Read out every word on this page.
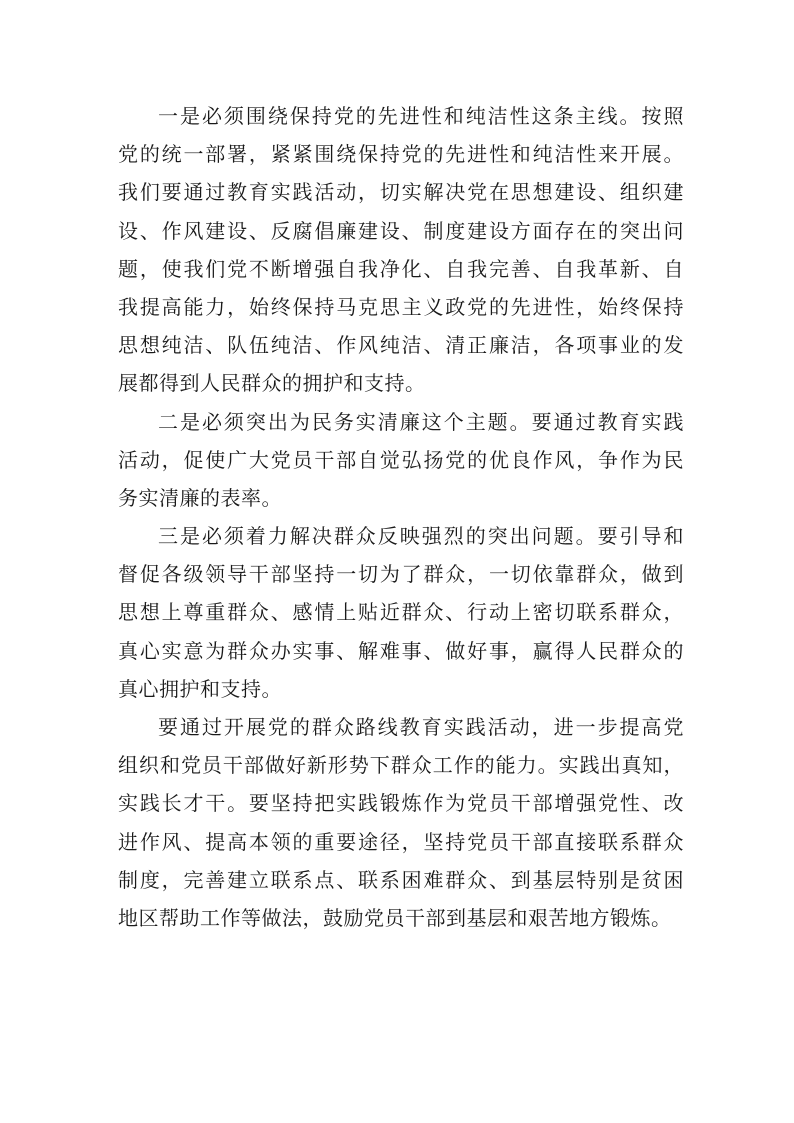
一是必须围绕保持党的先进性和纯洁性这条主线。按照
党的统一部署，紧紧围绕保持党的先进性和纯洁性来开展。
我们要通过教育实践活动，切实解决党在思想建设、组织建
设、作风建设、反腐倡廉建设、制度建设方面存在的突出问
题，使我们党不断增强自我净化、自我完善、自我革新、自
我提高能力，始终保持马克思主义政党的先进性，始终保持
思想纯洁、队伍纯洁、作风纯洁、清正廉洁，各项事业的发
展都得到人民群众的拥护和支持。
二是必须突出为民务实清廉这个主题。要通过教育实践
活动，促使广大党员干部自觉弘扬党的优良作风，争作为民
务实清廉的表率。
三是必须着力解决群众反映强烈的突出问题。要引导和
督促各级领导干部坚持一切为了群众，一切依靠群众，做到
思想上尊重群众、感情上贴近群众、行动上密切联系群众，
真心实意为群众办实事、解难事、做好事，赢得人民群众的
真心拥护和支持。
要通过开展党的群众路线教育实践活动，进一步提高党
组织和党员干部做好新形势下群众工作的能力。实践出真知，
实践长才干。要坚持把实践锻炼作为党员干部增强党性、改
进作风、提高本领的重要途径，坚持党员干部直接联系群众
制度，完善建立联系点、联系困难群众、到基层特别是贫困
地区帮助工作等做法，鼓励党员干部到基层和艰苦地方锻炼。
